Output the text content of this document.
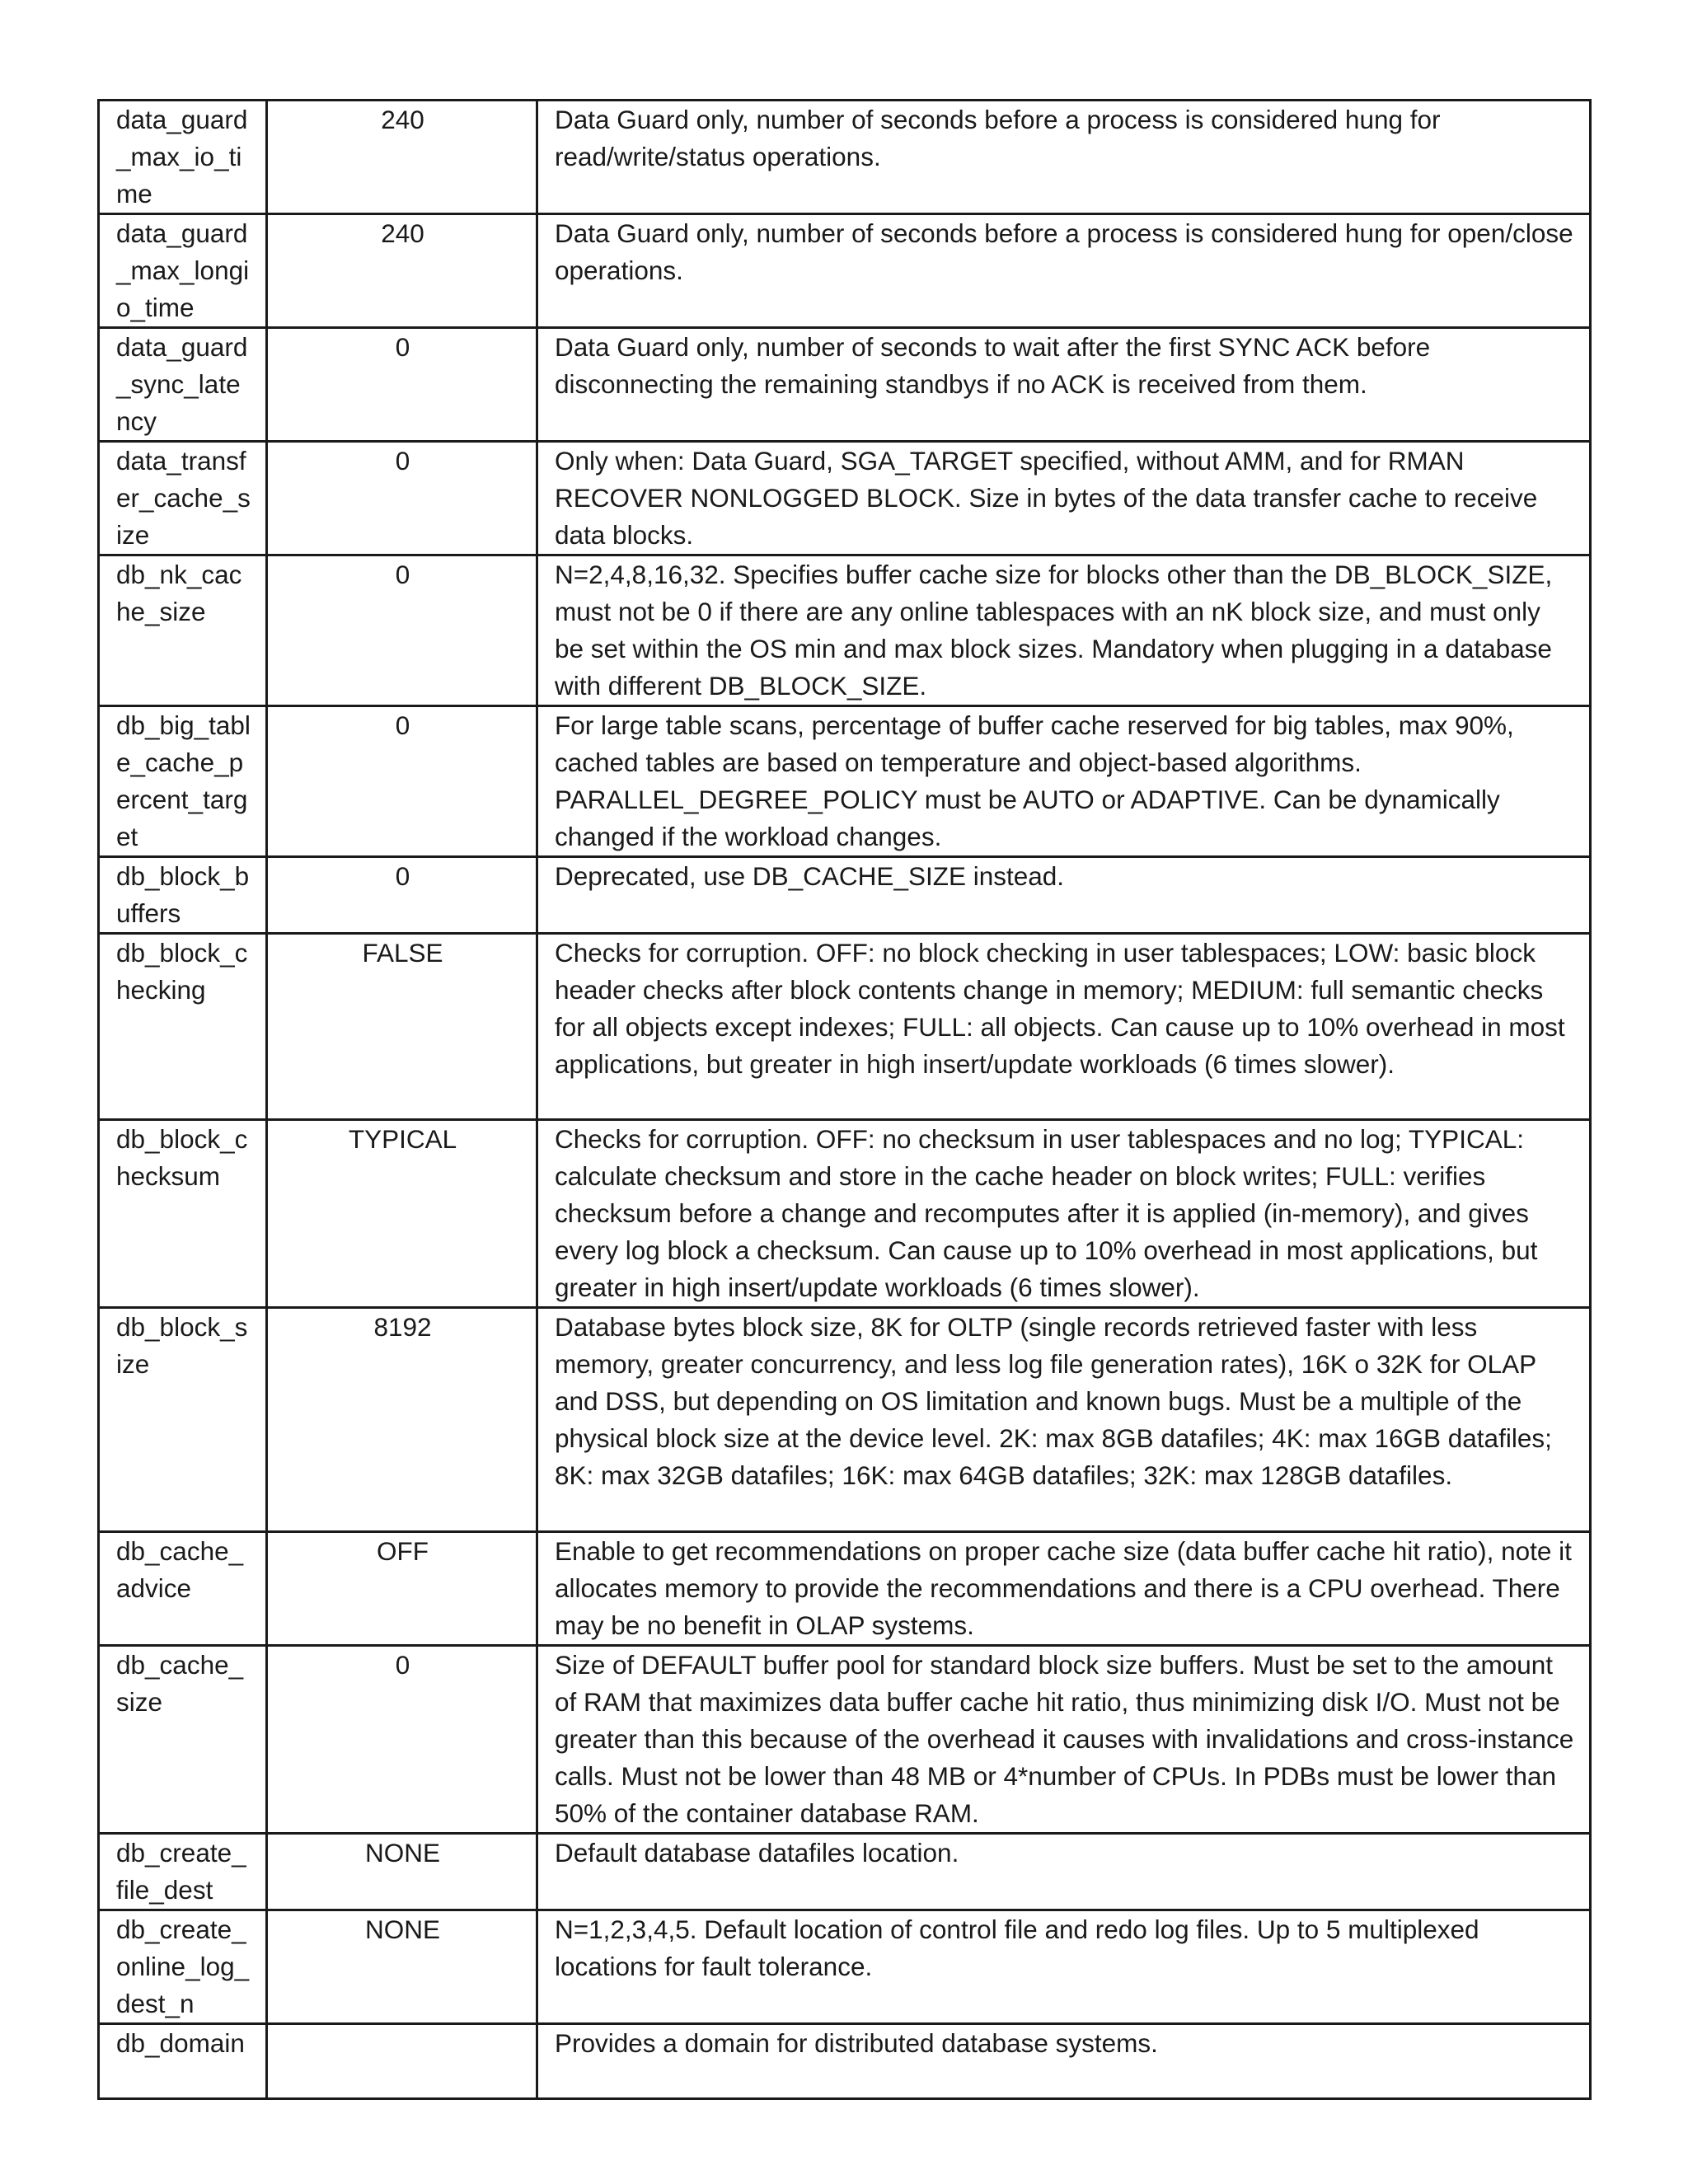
data_guard_max_io_time	240	Data Guard only, number of seconds before a process is considered hung for read/write/status operations.
data_guard_max_longio_time	240	Data Guard only, number of seconds before a process is considered hung for open/close operations.
data_guard_sync_latency	0	Data Guard only, number of seconds to wait after the first SYNC ACK before disconnecting the remaining standbys if no ACK is received from them.
data_transfer_cache_size	0	Only when: Data Guard, SGA_TARGET specified, without AMM, and for RMAN RECOVER NONLOGGED BLOCK. Size in bytes of the data transfer cache to receive data blocks.
db_nk_cache_size	0	N=2,4,8,16,32. Specifies buffer cache size for blocks other than the DB_BLOCK_SIZE, must not be 0 if there are any online tablespaces with an nK block size, and must only be set within the OS min and max block sizes. Mandatory when plugging in a database with different DB_BLOCK_SIZE.
db_big_table_cache_percent_target	0	For large table scans, percentage of buffer cache reserved for big tables, max 90%, cached tables are based on temperature and object-based algorithms. PARALLEL_DEGREE_POLICY must be AUTO or ADAPTIVE. Can be dynamically changed if the workload changes.
db_block_buffers	0	Deprecated, use DB_CACHE_SIZE instead.
db_block_checking	FALSE	Checks for corruption. OFF: no block checking in user tablespaces; LOW: basic block header checks after block contents change in memory; MEDIUM: full semantic checks for all objects except indexes; FULL: all objects. Can cause up to 10% overhead in most applications, but greater in high insert/update workloads (6 times slower).
db_block_checksum	TYPICAL	Checks for corruption. OFF: no checksum in user tablespaces and no log; TYPICAL: calculate checksum and store in the cache header on block writes; FULL: verifies checksum before a change and recomputes after it is applied (in-memory), and gives every log block a checksum. Can cause up to 10% overhead in most applications, but greater in high insert/update workloads (6 times slower).
db_block_size	8192	Database bytes block size, 8K for OLTP (single records retrieved faster with less memory, greater concurrency, and less log file generation rates), 16K o 32K for OLAP and DSS, but depending on OS limitation and known bugs. Must be a multiple of the physical block size at the device level. 2K: max 8GB datafiles; 4K: max 16GB datafiles; 8K: max 32GB datafiles; 16K: max 64GB datafiles; 32K: max 128GB datafiles.
db_cache_advice	OFF	Enable to get recommendations on proper cache size (data buffer cache hit ratio), note it allocates memory to provide the recommendations and there is a CPU overhead. There may be no benefit in OLAP systems.
db_cache_size	0	Size of DEFAULT buffer pool for standard block size buffers. Must be set to the amount of RAM that maximizes data buffer cache hit ratio, thus minimizing disk I/O. Must not be greater than this because of the overhead it causes with invalidations and cross-instance calls. Must not be lower than 48 MB or 4*number of CPUs. In PDBs must be lower than 50% of the container database RAM.
db_create_file_dest	NONE	Default database datafiles location.
db_create_online_log_dest_n	NONE	N=1,2,3,4,5. Default location of control file and redo log files. Up to 5 multiplexed locations for fault tolerance.
db_domain		Provides a domain for distributed database systems.
